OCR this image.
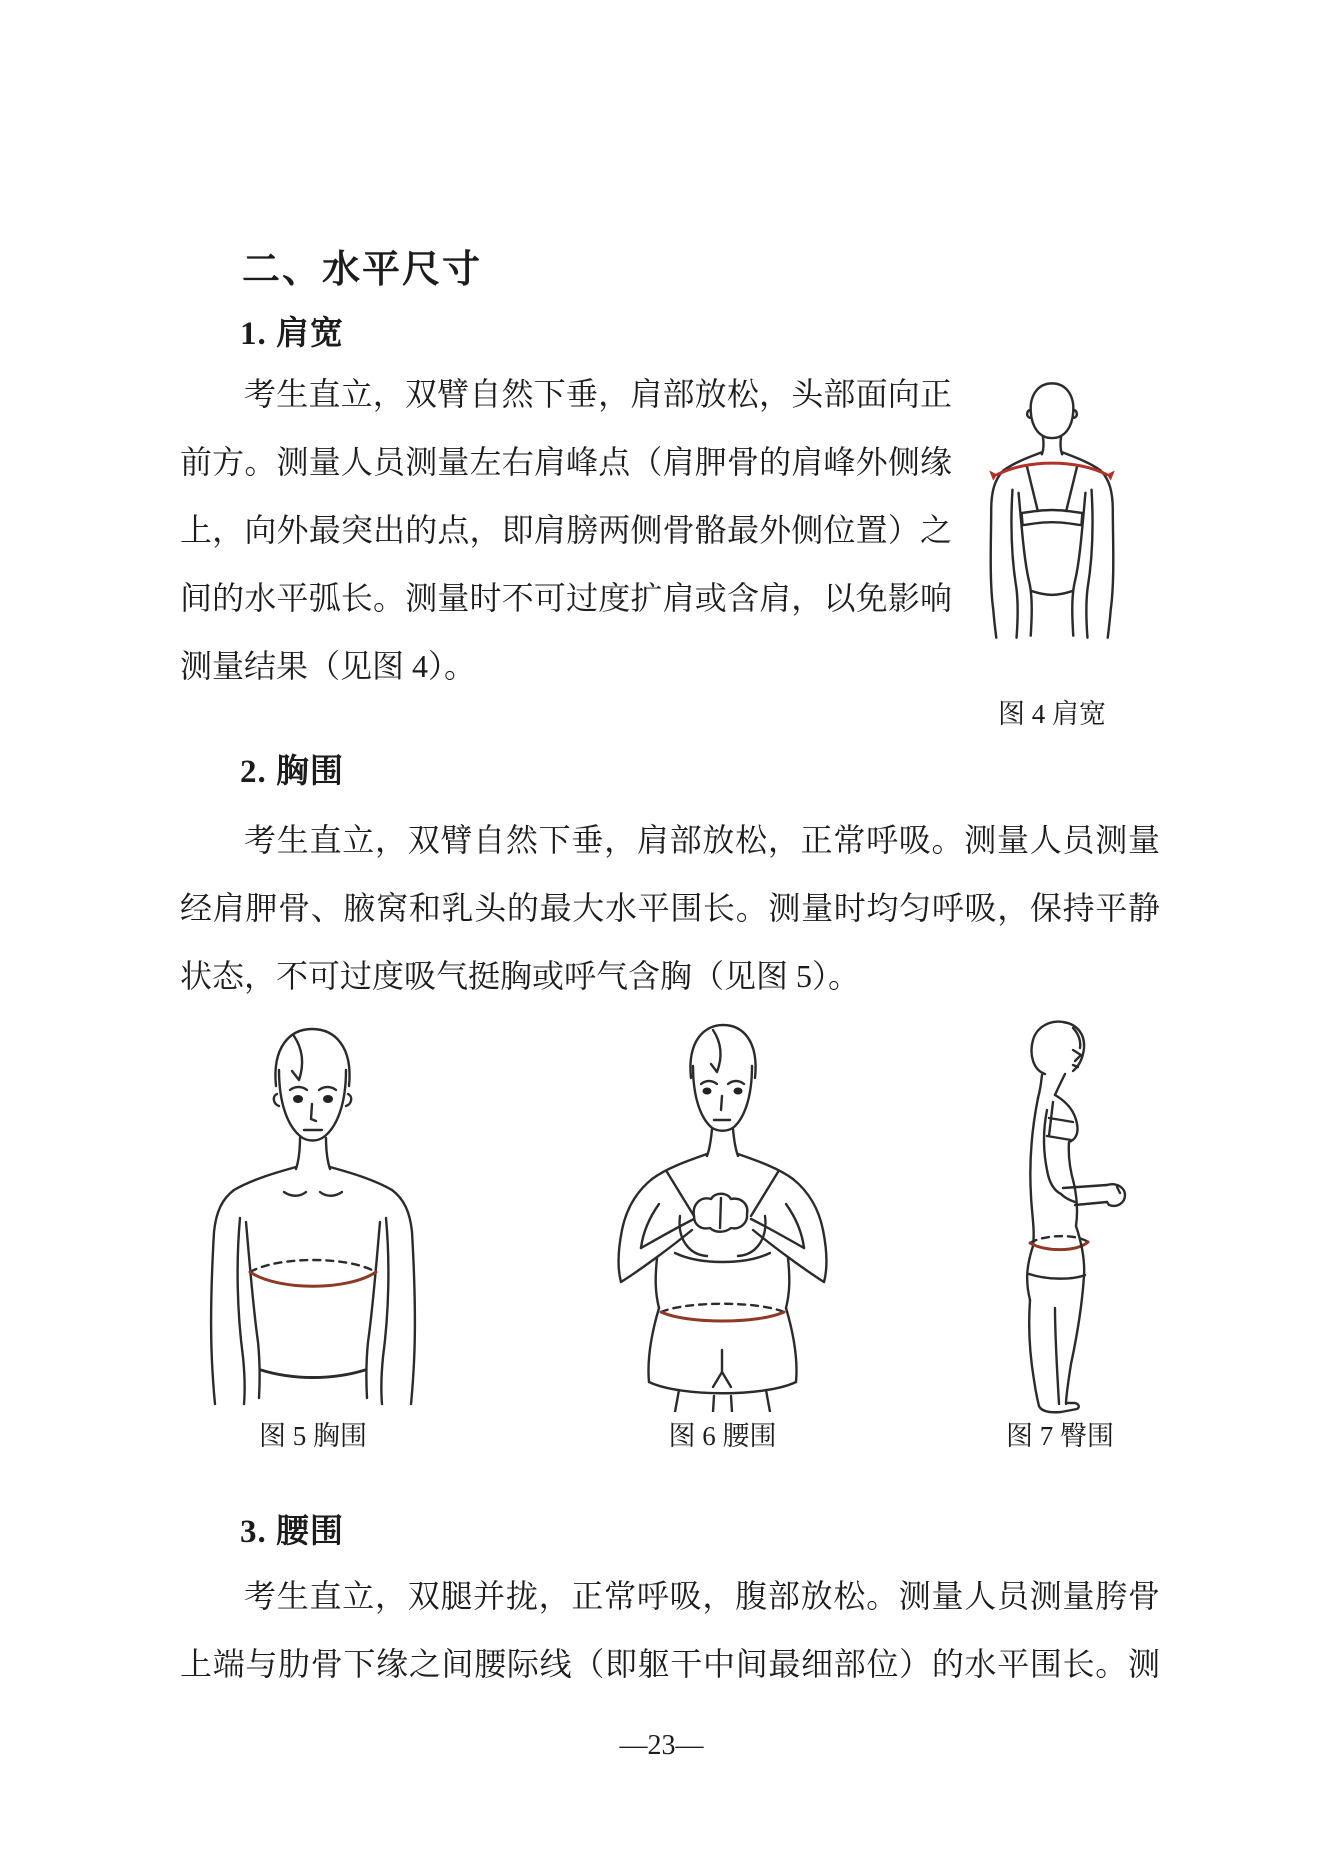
二、水平尺寸
1. 肩宽
考生直立，双臂自然下垂，肩部放松，头部面向正
前方。测量人员测量左右肩峰点（肩胛骨的肩峰外侧缘
上，向外最突出的点，即肩膀两侧骨骼最外侧位置）之
间的水平弧长。测量时不可过度扩肩或含肩，以免影响
测量结果（见图 4）。
图 4 肩宽
2. 胸围
考生直立，双臂自然下垂，肩部放松，正常呼吸。测量人员测量
经肩胛骨、腋窝和乳头的最大水平围长。测量时均匀呼吸，保持平静
状态，不可过度吸气挺胸或呼气含胸（见图 5）。
图 5 胸围	图 6 腰围	图 7 臀围
3. 腰围
考生直立，双腿并拢，正常呼吸，腹部放松。测量人员测量胯骨
上端与肋骨下缘之间腰际线（即躯干中间最细部位）的水平围长。测
—23—
